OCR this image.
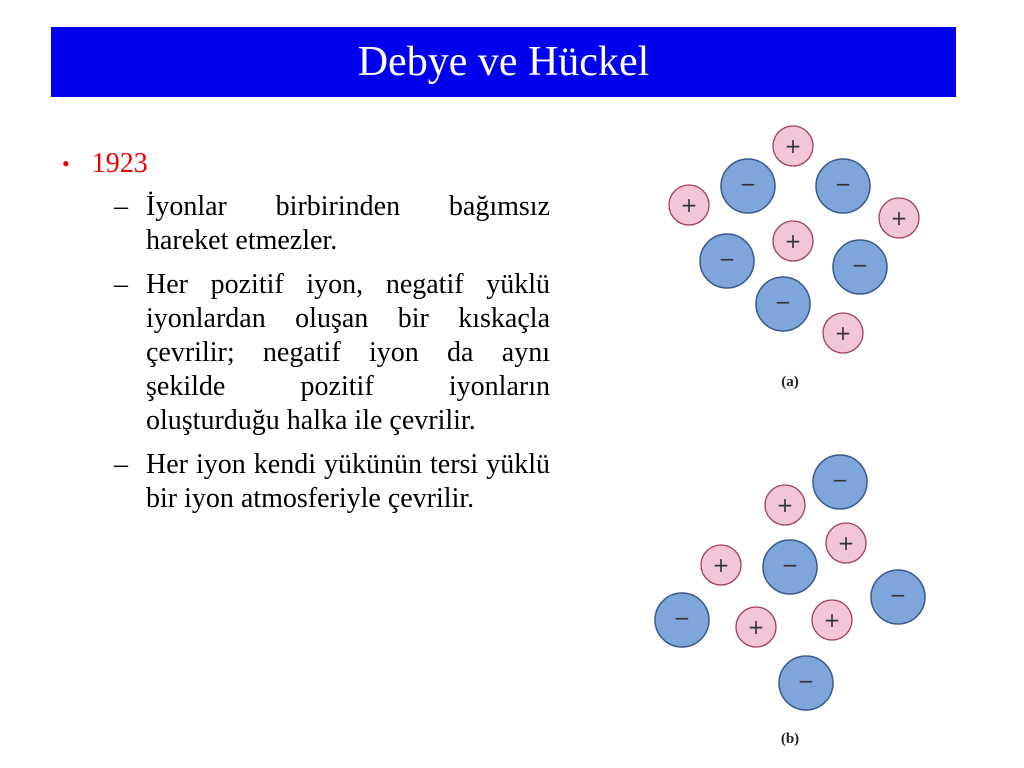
Debye ve Hückel
• 1923
– İyonlar birbirinden bağımsız hareket etmezler.
– Her pozitif iyon, negatif yüklü iyonlardan oluşan bir kıskaçla çevrilir; negatif iyon da aynı şekilde pozitif iyonların oluşturduğu halka ile çevrilir.
– Her iyon kendi yükünün tersi yüklü bir iyon atmosferiyle çevrilir.
+
−	−
+
+
+
−	−
−
+
(a)
−
+
+
+	−
−
−	+
+
−
(b)
